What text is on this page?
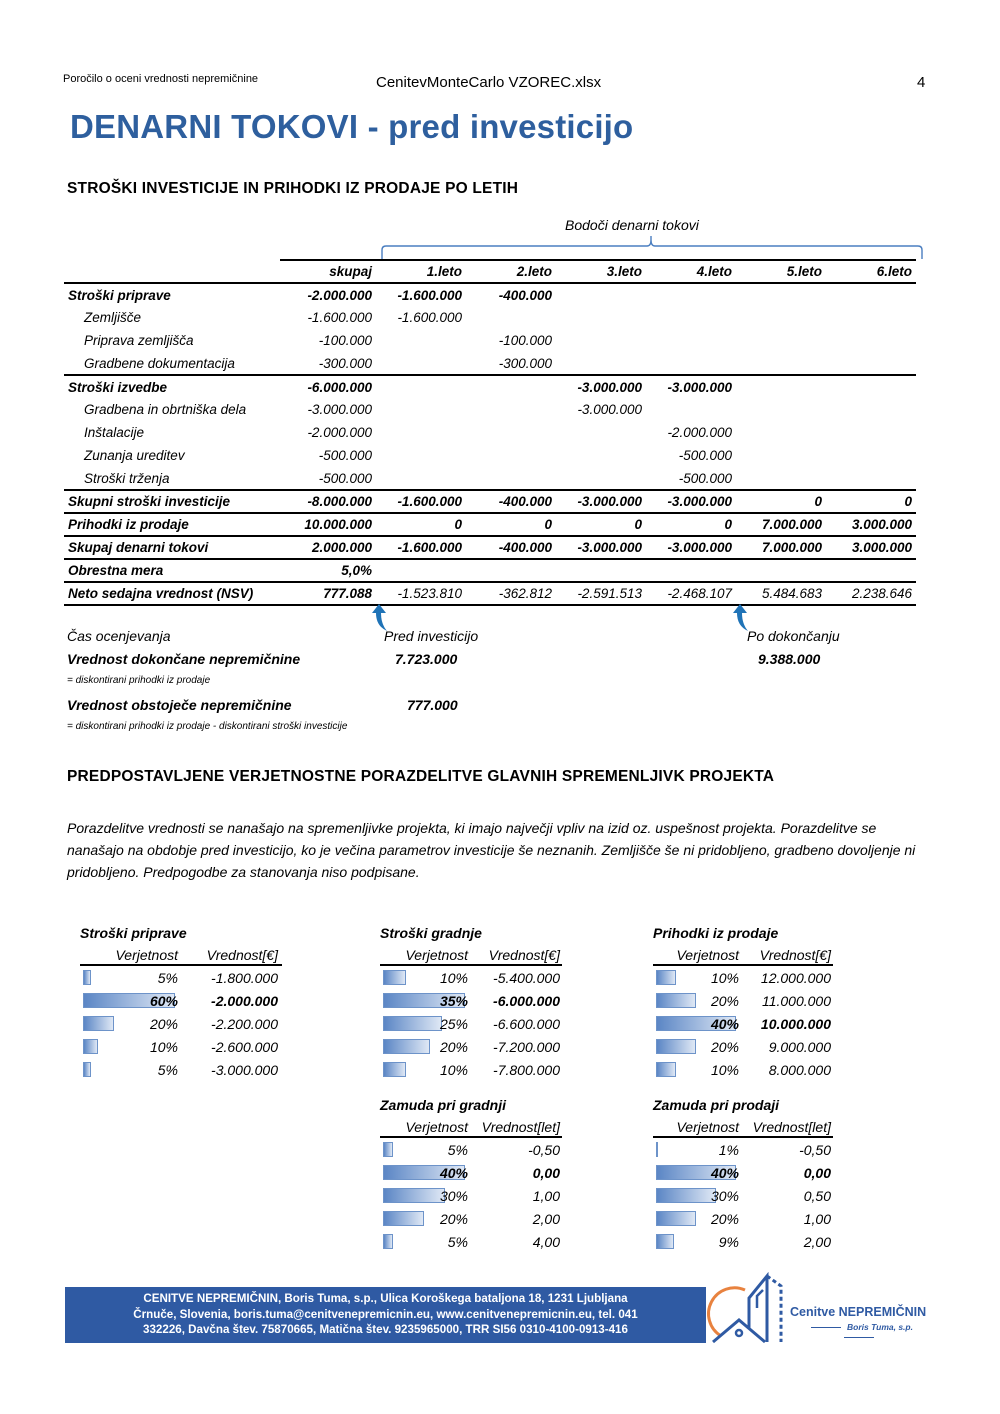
Poročilo o oceni vrednosti nepremičnine	CenitevMonteCarlo VZOREC.xlsx	4
DENARNI TOKOVI - pred investicijo
STROŠKI INVESTICIJE IN PRIHODKI IZ PRODAJE PO LETIH
Bodoči denarni tokovi
	skupaj	1.leto	2.leto	3.leto	4.leto	5.leto	6.leto
Stroški priprave	-2.000.000	-1.600.000	-400.000				
Zemljišče	-1.600.000	-1.600.000					
Priprava zemljišča	-100.000		-100.000				
Gradbene dokumentacija	-300.000		-300.000				
Stroški izvedbe	-6.000.000			-3.000.000	-3.000.000		
Gradbena in obrtniška dela	-3.000.000			-3.000.000			
Inštalacije	-2.000.000				-2.000.000		
Zunanja ureditev	-500.000				-500.000		
Stroški trženja	-500.000				-500.000		
Skupni stroški investicije	-8.000.000	-1.600.000	-400.000	-3.000.000	-3.000.000	0	0
Prihodki iz prodaje	10.000.000	0	0	0	0	7.000.000	3.000.000
Skupaj denarni tokovi	2.000.000	-1.600.000	-400.000	-3.000.000	-3.000.000	7.000.000	3.000.000
Obrestna mera	5,0%						
Neto sedajna vrednost (NSV)	777.088	-1.523.810	-362.812	-2.591.513	-2.468.107	5.484.683	2.238.646
Čas ocenjevanja	Pred investicijo	Po dokončanju
Vrednost dokončane nepremičnine	7.723.000	9.388.000
= diskontirani prihodki iz prodaje
Vrednost obstoječe nepremičnine	777.000
= diskontirani prihodki iz prodaje - diskontirani stroški investicije
PREDPOSTAVLJENE VERJETNOSTNE PORAZDELITVE GLAVNIH SPREMENLJIVK PROJEKTA

Porazdelitve vrednosti se nanašajo na spremenljivke projekta, ki imajo največji vpliv na izid oz. uspešnost projekta. Porazdelitve se nanašajo na obdobje pred investicijo, ko je večina parametrov investicije še neznanih. Zemljišče še ni pridobljeno, gradbeno dovoljenje ni pridobljeno. Predpogodbe za stanovanja niso podpisane.

Stroški priprave
Verjetnost	Vrednost[€]
5%	-1.800.000
60%	-2.000.000
20%	-2.200.000
10%	-2.600.000
5%	-3.000.000
Stroški gradnje
Verjetnost	Vrednost[€]
10%	-5.400.000
35%	-6.000.000
25%	-6.600.000
20%	-7.200.000
10%	-7.800.000
Prihodki iz prodaje
Verjetnost	Vrednost[€]
10%	12.000.000
20%	11.000.000
40%	10.000.000
20%	9.000.000
10%	8.000.000
Zamuda pri gradnji
Verjetnost Vrednost[let]
5%	-0,50
40%	0,00
30%	1,00
20%	2,00
5%	4,00
Zamuda pri prodaji
Verjetnost Vrednost[let]
1%	-0,50
40%	0,00
30%	0,50
20%	1,00
9%	2,00
CENITVE NEPREMIČNIN, Boris Tuma, s.p., Ulica Koroškega bataljona 18, 1231 Ljubljana
Črnuče, Slovenia, boris.tuma@cenitvenepremicnin.eu, www.cenitvenepremicnin.eu, tel. 041
332226, Davčna štev. 75870665, Matična štev. 9235965000, TRR SI56 0310-4100-0913-416
Cenitve NEPREMIČNIN
Boris Tuma, s.p.
